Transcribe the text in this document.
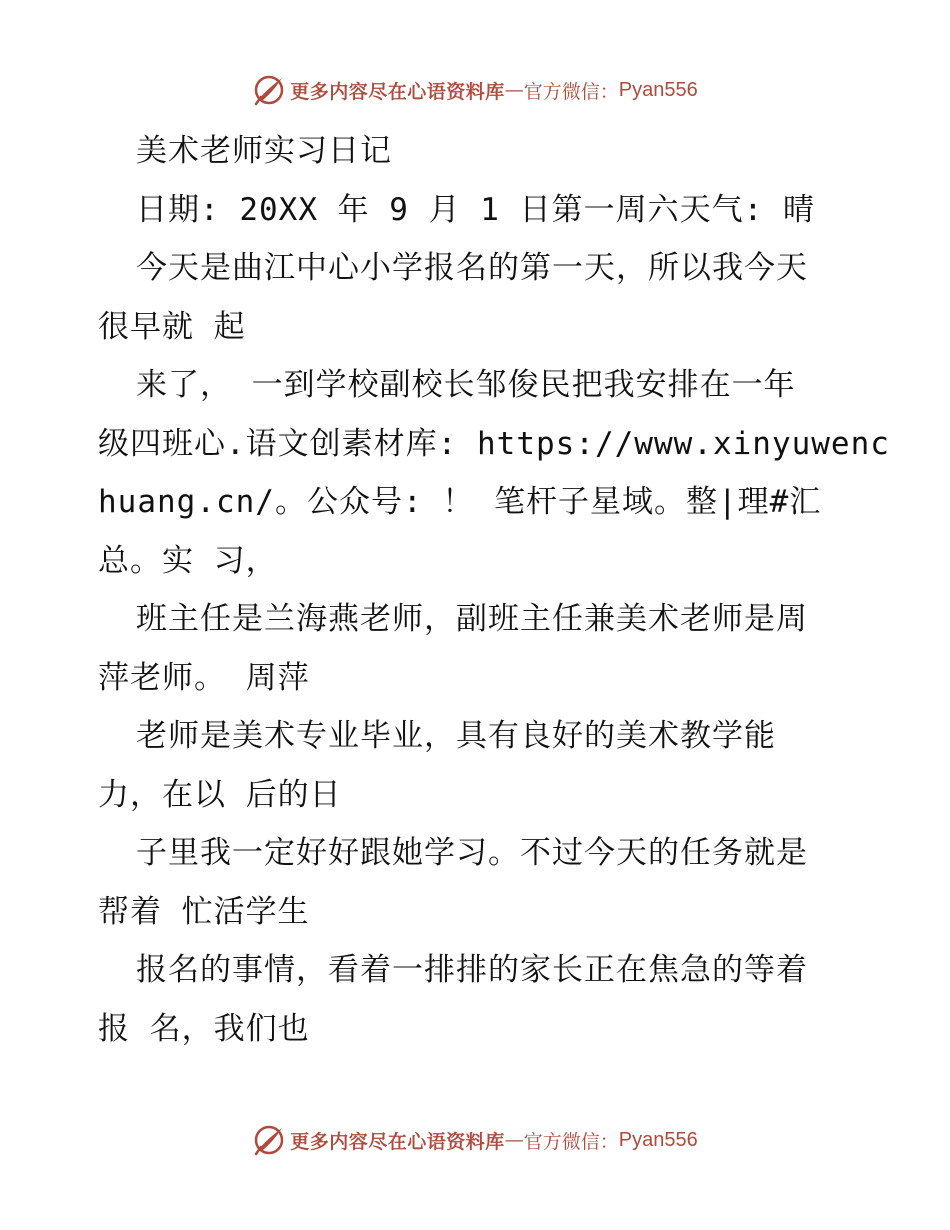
更多内容尽在心语资料库 — 官方微信： Pyan556
美术老师实习日记
日期: 20XX 年 9 月 1 日第一周六天气: 晴
今天是曲江中心小学报名的第一天，所以我今天
很早就 起
来了， 一到学校副校长邹俊民把我安排在一年
级四班心.语文创素材库: https://www.xinyuwenc
huang.cn/。公众号: ！ 笔杆子星域。整|理#汇
总。实 习，
班主任是兰海燕老师，副班主任兼美术老师是周
萍老师。 周萍
老师是美术专业毕业，具有良好的美术教学能
力，在以 后的日
子里我一定好好跟她学习。不过今天的任务就是
帮着 忙活学生
报名的事情，看着一排排的家长正在焦急的等着
报 名，我们也
更多内容尽在心语资料库 — 官方微信： Pyan556
